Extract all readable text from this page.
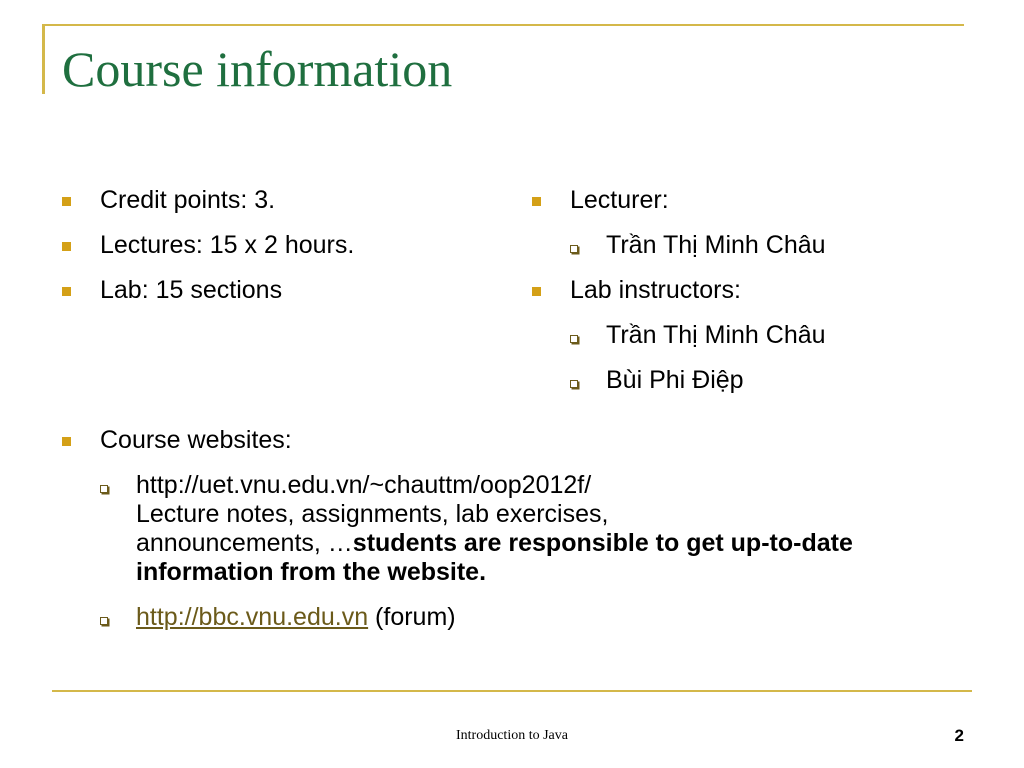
Course information
Credit points: 3.
Lectures: 15 x 2 hours.
Lab: 15 sections
Lecturer:
Trần Thị Minh Châu
Lab instructors:
Trần Thị Minh Châu
Bùi Phi Điệp
Course websites:
http://uet.vnu.edu.vn/~chauttm/oop2012f/
Lecture notes, assignments, lab exercises,
announcements, …students are responsible to get up-to-date information from the website.
http://bbc.vnu.edu.vn (forum)
Introduction to Java	2
